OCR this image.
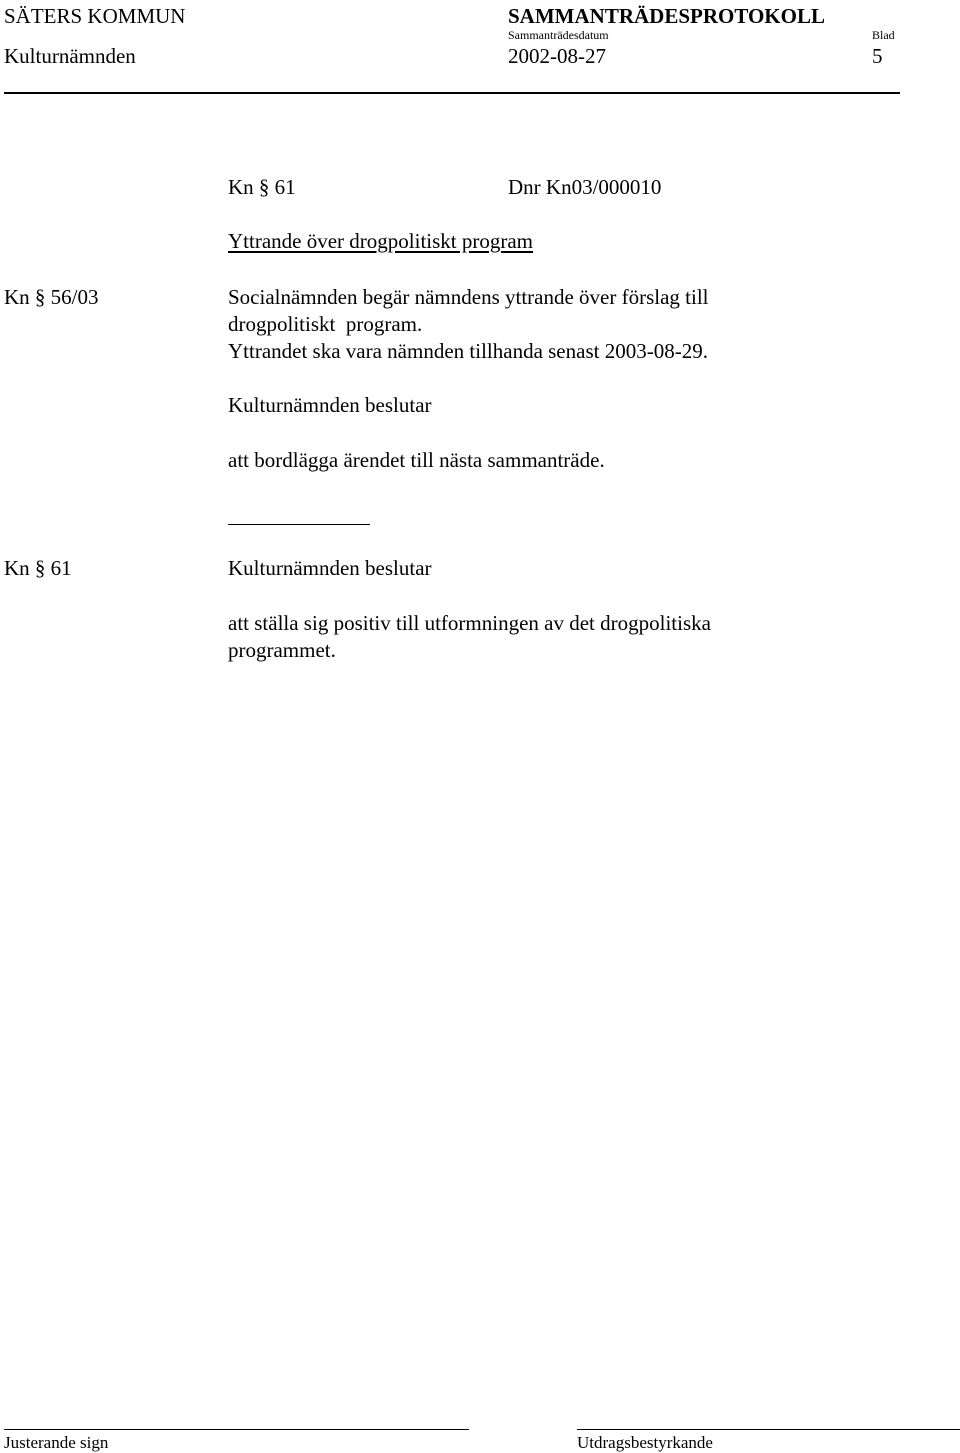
SÄTERS KOMMUN	SAMMANTRÄDESPROTOKOLL
Sammanträdesdatum	Blad
Kulturnämnden	2002-08-27	5
Kn § 61	Dnr Kn03/000010
Yttrande över drogpolitiskt program
Kn § 56/03	Socialnämnden begär nämndens yttrande över förslag till
drogpolitiskt  program.
Yttrandet ska vara nämnden tillhanda senast 2003-08-29.
Kulturnämnden beslutar
att bordlägga ärendet till nästa sammanträde.
Kn § 61	Kulturnämnden beslutar
att ställa sig positiv till utformningen av det drogpolitiska
programmet.
Justerande sign	Utdragsbestyrkande
